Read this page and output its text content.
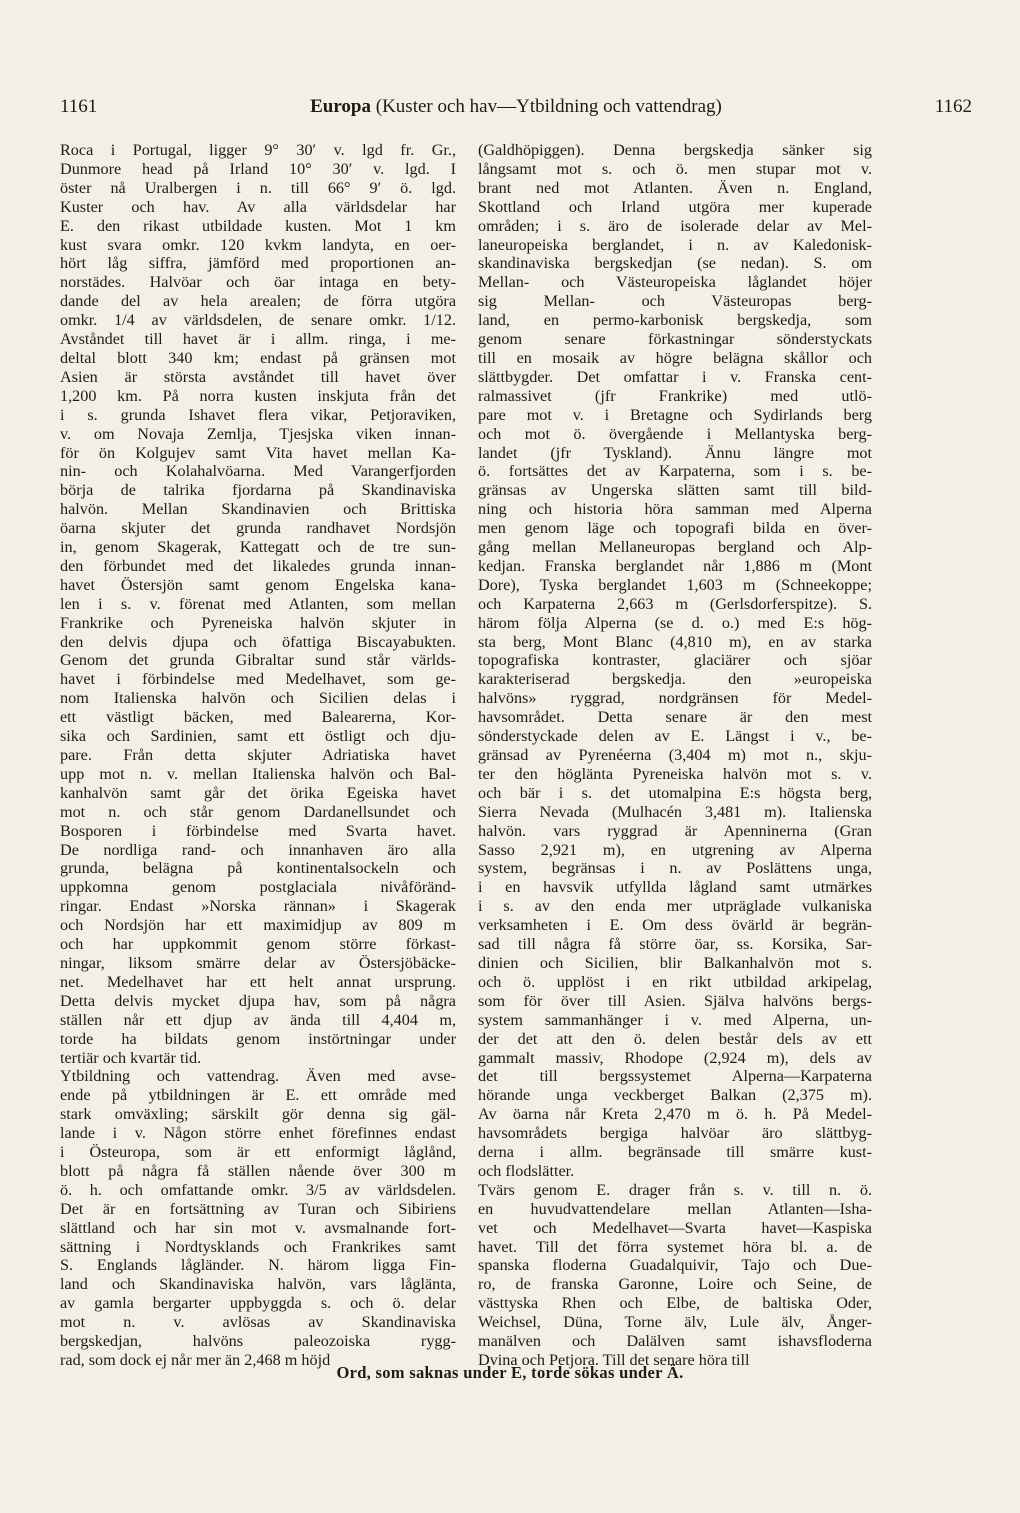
1161	Europa (Kuster och hav—Ytbildning och vattendrag)	1162
Roca i Portugal, ligger 9° 30′ v. lgd fr. Gr.,
Dunmore head på Irland 10° 30′ v. lgd. I
öster nå Uralbergen i n. till 66° 9′ ö. lgd.
Kuster och hav. Av alla världsdelar har
E. den rikast utbildade kusten. Mot 1 km
kust svara omkr. 120 kvkm landyta, en oer-
hört låg siffra, jämförd med proportionen an-
norstädes. Halvöar och öar intaga en bety-
dande del av hela arealen; de förra utgöra
omkr. 1/4 av världsdelen, de senare omkr. 1/12.
Avståndet till havet är i allm. ringa, i me-
deltal blott 340 km; endast på gränsen mot
Asien är största avståndet till havet över
1,200 km. På norra kusten inskjuta från det
i s. grunda Ishavet flera vikar, Petjoraviken,
v. om Novaja Zemlja, Tjesjska viken innan-
för ön Kolgujev samt Vita havet mellan Ka-
nin- och Kolahalvöarna. Med Varangerfjorden
börja de talrika fjordarna på Skandinaviska
halvön. Mellan Skandinavien och Brittiska
öarna skjuter det grunda randhavet Nordsjön
in, genom Skagerak, Kattegatt och de tre sun-
den förbundet med det likaledes grunda innan-
havet Östersjön samt genom Engelska kana-
len i s. v. förenat med Atlanten, som mellan
Frankrike och Pyreneiska halvön skjuter in
den delvis djupa och öfattiga Biscayabukten.
Genom det grunda Gibraltar sund står världs-
havet i förbindelse med Medelhavet, som ge-
nom Italienska halvön och Sicilien delas i
ett västligt bäcken, med Balearerna, Kor-
sika och Sardinien, samt ett östligt och dju-
pare. Från detta skjuter Adriatiska havet
upp mot n. v. mellan Italienska halvön och Bal-
kanhalvön samt går det örika Egeiska havet
mot n. och står genom Dardanellsundet och
Bosporen i förbindelse med Svarta havet.
De nordliga rand- och innanhaven äro alla
grunda, belägna på kontinentalsockeln och
uppkomna genom postglaciala nivåföränd-
ringar. Endast »Norska rännan» i Skagerak
och Nordsjön har ett maximidjup av 809 m
och har uppkommit genom större förkast-
ningar, liksom smärre delar av Östersjöbäcke-
net. Medelhavet har ett helt annat ursprung.
Detta delvis mycket djupa hav, som på några
ställen når ett djup av ända till 4,404 m,
torde ha bildats genom instörtningar under
tertiär och kvartär tid.
Ytbildning och vattendrag. Även med avse-
ende på ytbildningen är E. ett område med
stark omväxling; särskilt gör denna sig gäl-
lande i v. Någon större enhet förefinnes endast
i Östeuropa, som är ett enformigt låglånd,
blott på några få ställen nående över 300 m
ö. h. och omfattande omkr. 3/5 av världsdelen.
Det är en fortsättning av Turan och Sibiriens
slättland och har sin mot v. avsmalnande fort-
sättning i Nordtysklands och Frankrikes samt
S. Englands lågländer. N. härom ligga Fin-
land och Skandinaviska halvön, vars låglänta,
av gamla bergarter uppbyggda s. och ö. delar
mot n. v. avlösas av Skandinaviska
bergskedjan, halvöns paleozoiska rygg-
rad, som dock ej når mer än 2,468 m höjd
(Galdhöpiggen). Denna bergskedja sänker sig
långsamt mot s. och ö. men stupar mot v.
brant ned mot Atlanten. Även n. England,
Skottland och Irland utgöra mer kuperade
områden; i s. äro de isolerade delar av Mel-
laneuropeiska berglandet, i n. av Kaledonisk-
skandinaviska bergskedjan (se nedan). S. om
Mellan- och Västeuropeiska låglandet höjer
sig Mellan- och Västeuropas berg-
land, en permo-karbonisk bergskedja, som
genom senare förkastningar sönderstyckats
till en mosaik av högre belägna skållor och
slättbygder. Det omfattar i v. Franska cent-
ralmassivet (jfr Frankrike) med utlö-
pare mot v. i Bretagne och Sydirlands berg
och mot ö. övergående i Mellantyska berg-
landet (jfr Tyskland). Ännu längre mot
ö. fortsättes det av Karpaterna, som i s. be-
gränsas av Ungerska slätten samt till bild-
ning och historia höra samman med Alperna
men genom läge och topografi bilda en över-
gång mellan Mellaneuropas bergland och Alp-
kedjan. Franska berglandet når 1,886 m (Mont
Dore), Tyska berglandet 1,603 m (Schneekoppe;
och Karpaterna 2,663 m (Gerlsdorferspitze). S.
härom följa Alperna (se d. o.) med E:s hög-
sta berg, Mont Blanc (4,810 m), en av starka
topografiska kontraster, glaciärer och sjöar
karakteriserad bergskedja. den »europeiska
halvöns» ryggrad, nordgränsen för Medel-
havsområdet. Detta senare är den mest
sönderstyckade delen av E. Längst i v., be-
gränsad av Pyrenéerna (3,404 m) mot n., skju-
ter den höglänta Pyreneiska halvön mot s. v.
och bär i s. det utomalpina E:s högsta berg,
Sierra Nevada (Mulhacén 3,481 m). Italienska
halvön. vars ryggrad är Apenninerna (Gran
Sasso 2,921 m), en utgrening av Alperna
system, begränsas i n. av Poslättens unga,
i en havsvik utfyllda lågland samt utmärkes
i s. av den enda mer utpräglade vulkaniska
verksamheten i E. Om dess övärld är begrän-
sad till några få större öar, ss. Korsika, Sar-
dinien och Sicilien, blir Balkanhalvön mot s.
och ö. upplöst i en rikt utbildad arkipelag,
som för över till Asien. Själva halvöns bergs-
system sammanhänger i v. med Alperna, un-
der det att den ö. delen består dels av ett
gammalt massiv, Rhodope (2,924 m), dels av
det till bergssystemet Alperna—Karpaterna
hörande unga veckberget Balkan (2,375 m).
Av öarna når Kreta 2,470 m ö. h. På Medel-
havsområdets bergiga halvöar äro slättbyg-
derna i allm. begränsade till smärre kust-
och flodslätter.
Tvärs genom E. drager från s. v. till n. ö.
en huvudvattendelare mellan Atlanten—Isha-
vet och Medelhavet—Svarta havet—Kaspiska
havet. Till det förra systemet höra bl. a. de
spanska floderna Guadalquivir, Tajo och Due-
ro, de franska Garonne, Loire och Seine, de
västtyska Rhen och Elbe, de baltiska Oder,
Weichsel, Düna, Torne älv, Lule älv, Ånger-
manälven och Dalälven samt ishavsfloderna
Dvina och Petjora. Till det senare höra till
Ord, som saknas under E, torde sökas under Ä.
